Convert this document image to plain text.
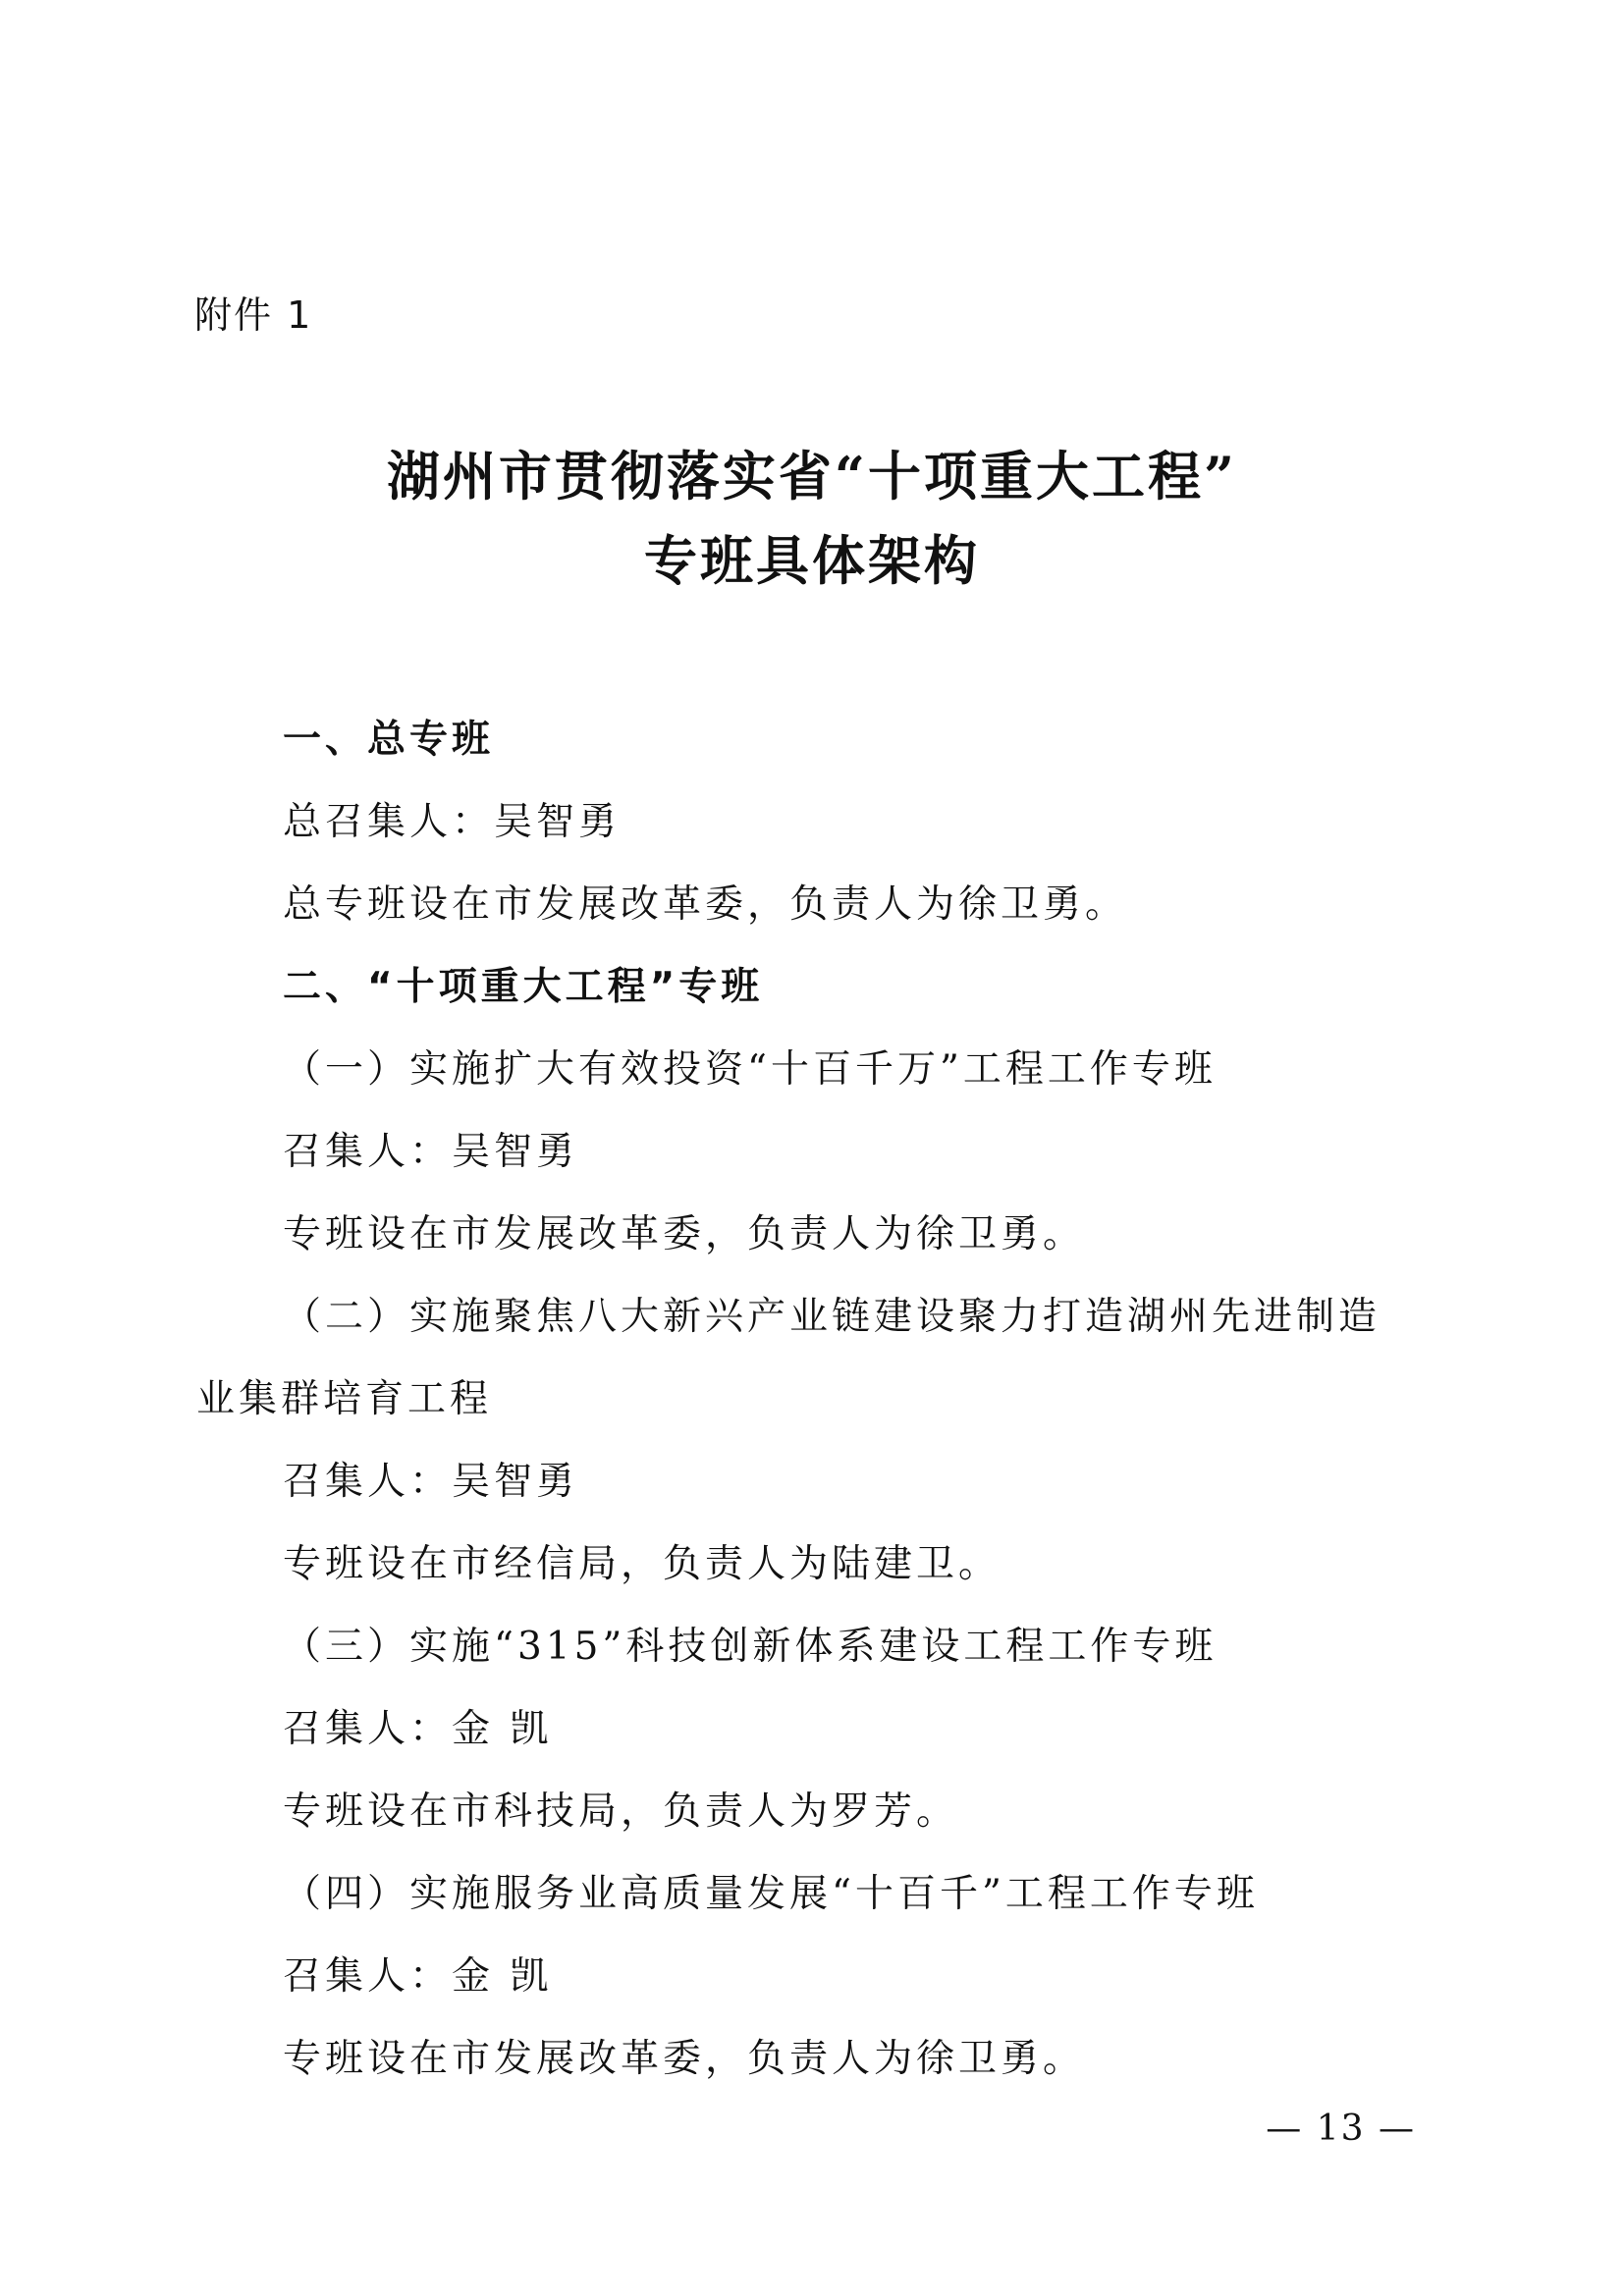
附件 1
湖州市贯彻落实省“十项重大工程”
专班具体架构
一、总专班
总召集人：吴智勇
总专班设在市发展改革委，负责人为徐卫勇。
二、“十项重大工程”专班
（一）实施扩大有效投资“十百千万”工程工作专班
召集人：吴智勇
专班设在市发展改革委，负责人为徐卫勇。
（二）实施聚焦八大新兴产业链建设聚力打造湖州先进制造
业集群培育工程
召集人：吴智勇
专班设在市经信局，负责人为陆建卫。
（三）实施“315”科技创新体系建设工程工作专班
召集人：金 凯
专班设在市科技局，负责人为罗芳。
（四）实施服务业高质量发展“十百千”工程工作专班
召集人：金 凯
专班设在市发展改革委，负责人为徐卫勇。
— 13 —
